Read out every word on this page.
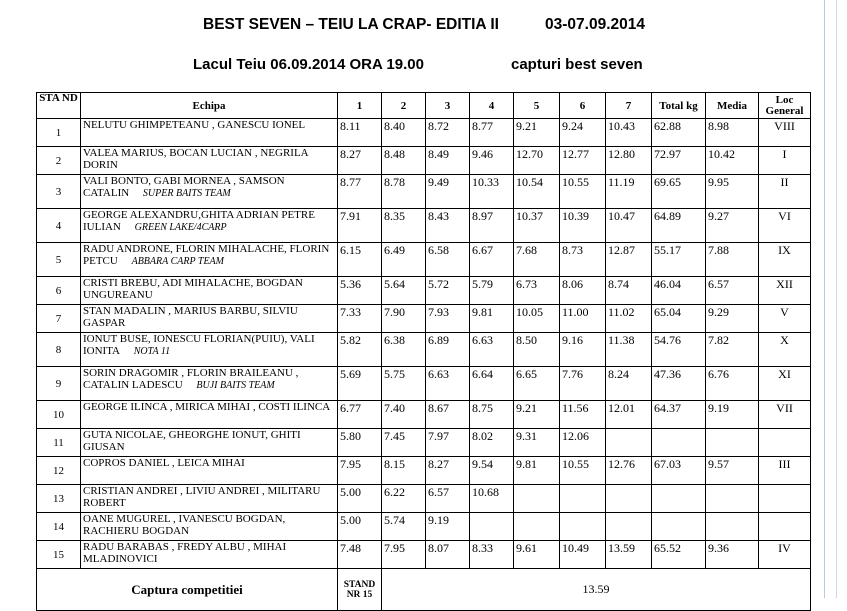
BEST SEVEN – TEIU LA CRAP- EDITIA II	03-07.09.2014
Lacul Teiu 06.09.2014 ORA 19.00	capturi best seven
STA ND	Echipa	1	2	3	4	5	6	7	Total kg	Media	Loc General
1	NELUTU GHIMPETEANU , GANESCU IONEL	8.11	8.40	8.72	8.77	9.21	9.24	10.43	62.88	8.98	VIII
2	VALEA MARIUS, BOCAN LUCIAN , NEGRILA DORIN	8.27	8.48	8.49	9.46	12.70	12.77	12.80	72.97	10.42	I
3	VALI BONTO, GABI MORNEA , SAMSON CATALIN SUPER BAITS TEAM	8.77	8.78	9.49	10.33	10.54	10.55	11.19	69.65	9.95	II
4	GEORGE ALEXANDRU,GHITA ADRIAN PETRE IULIAN GREEN LAKE/4CARP	7.91	8.35	8.43	8.97	10.37	10.39	10.47	64.89	9.27	VI
5	RADU ANDRONE, FLORIN MIHALACHE, FLORIN PETCU ABBARA CARP TEAM	6.15	6.49	6.58	6.67	7.68	8.73	12.87	55.17	7.88	IX
6	CRISTI BREBU, ADI MIHALACHE, BOGDAN UNGUREANU	5.36	5.64	5.72	5.79	6.73	8.06	8.74	46.04	6.57	XII
7	STAN MADALIN , MARIUS BARBU, SILVIU GASPAR	7.33	7.90	7.93	9.81	10.05	11.00	11.02	65.04	9.29	V
8	IONUT BUSE, IONESCU FLORIAN(PUIU), VALI IONITA NOTA 11	5.82	6.38	6.89	6.63	8.50	9.16	11.38	54.76	7.82	X
9	SORIN DRAGOMIR , FLORIN BRAILEANU , CATALIN LADESCU BUJI BAITS TEAM	5.69	5.75	6.63	6.64	6.65	7.76	8.24	47.36	6.76	XI
10	GEORGE ILINCA , MIRICA MIHAI , COSTI ILINCA	6.77	7.40	8.67	8.75	9.21	11.56	12.01	64.37	9.19	VII
11	GUTA NICOLAE, GHEORGHE IONUT, GHITI GIUSAN	5.80	7.45	7.97	8.02	9.31	12.06				
12	COPROS DANIEL , LEICA MIHAI	7.95	8.15	8.27	9.54	9.81	10.55	12.76	67.03	9.57	III
13	CRISTIAN ANDREI , LIVIU ANDREI , MILITARU ROBERT	5.00	6.22	6.57	10.68						
14	OANE MUGUREL , IVANESCU BOGDAN, RACHIERU BOGDAN	5.00	5.74	9.19							
15	RADU BARABAS , FREDY ALBU , MIHAI MLADINOVICI	7.48	7.95	8.07	8.33	9.61	10.49	13.59	65.52	9.36	IV
Captura competitiei		STAND NR 15	13.59								
